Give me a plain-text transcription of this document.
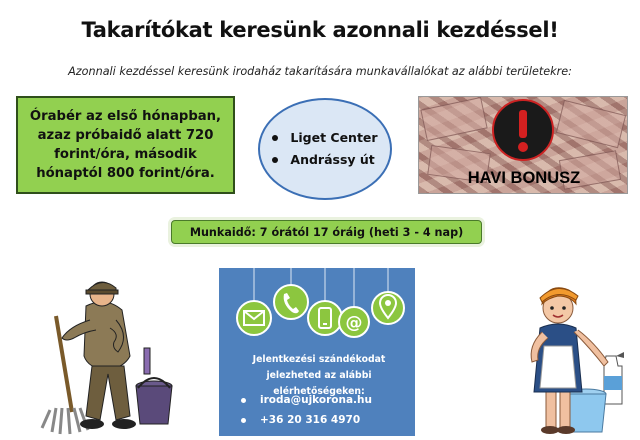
Takarítókat keresünk azonnali kezdéssel!
Azonnali kezdéssel keresünk irodaház takarítására munkavállalókat az alábbi területekre:
Órabér az első hónapban, azaz próbaidő alatt 720 forint/óra, második hónaptól 800 forint/óra.
Liget Center
Andrássy út
HAVI BONUSZ
Munkaidő: 7 órától 17 óráig (heti 3 - 4 nap)
@
Jelentkezési szándékodat jelezheted az alábbi elérhetőségeken:
iroda@ujkorona.hu
+36 20 316 4970
